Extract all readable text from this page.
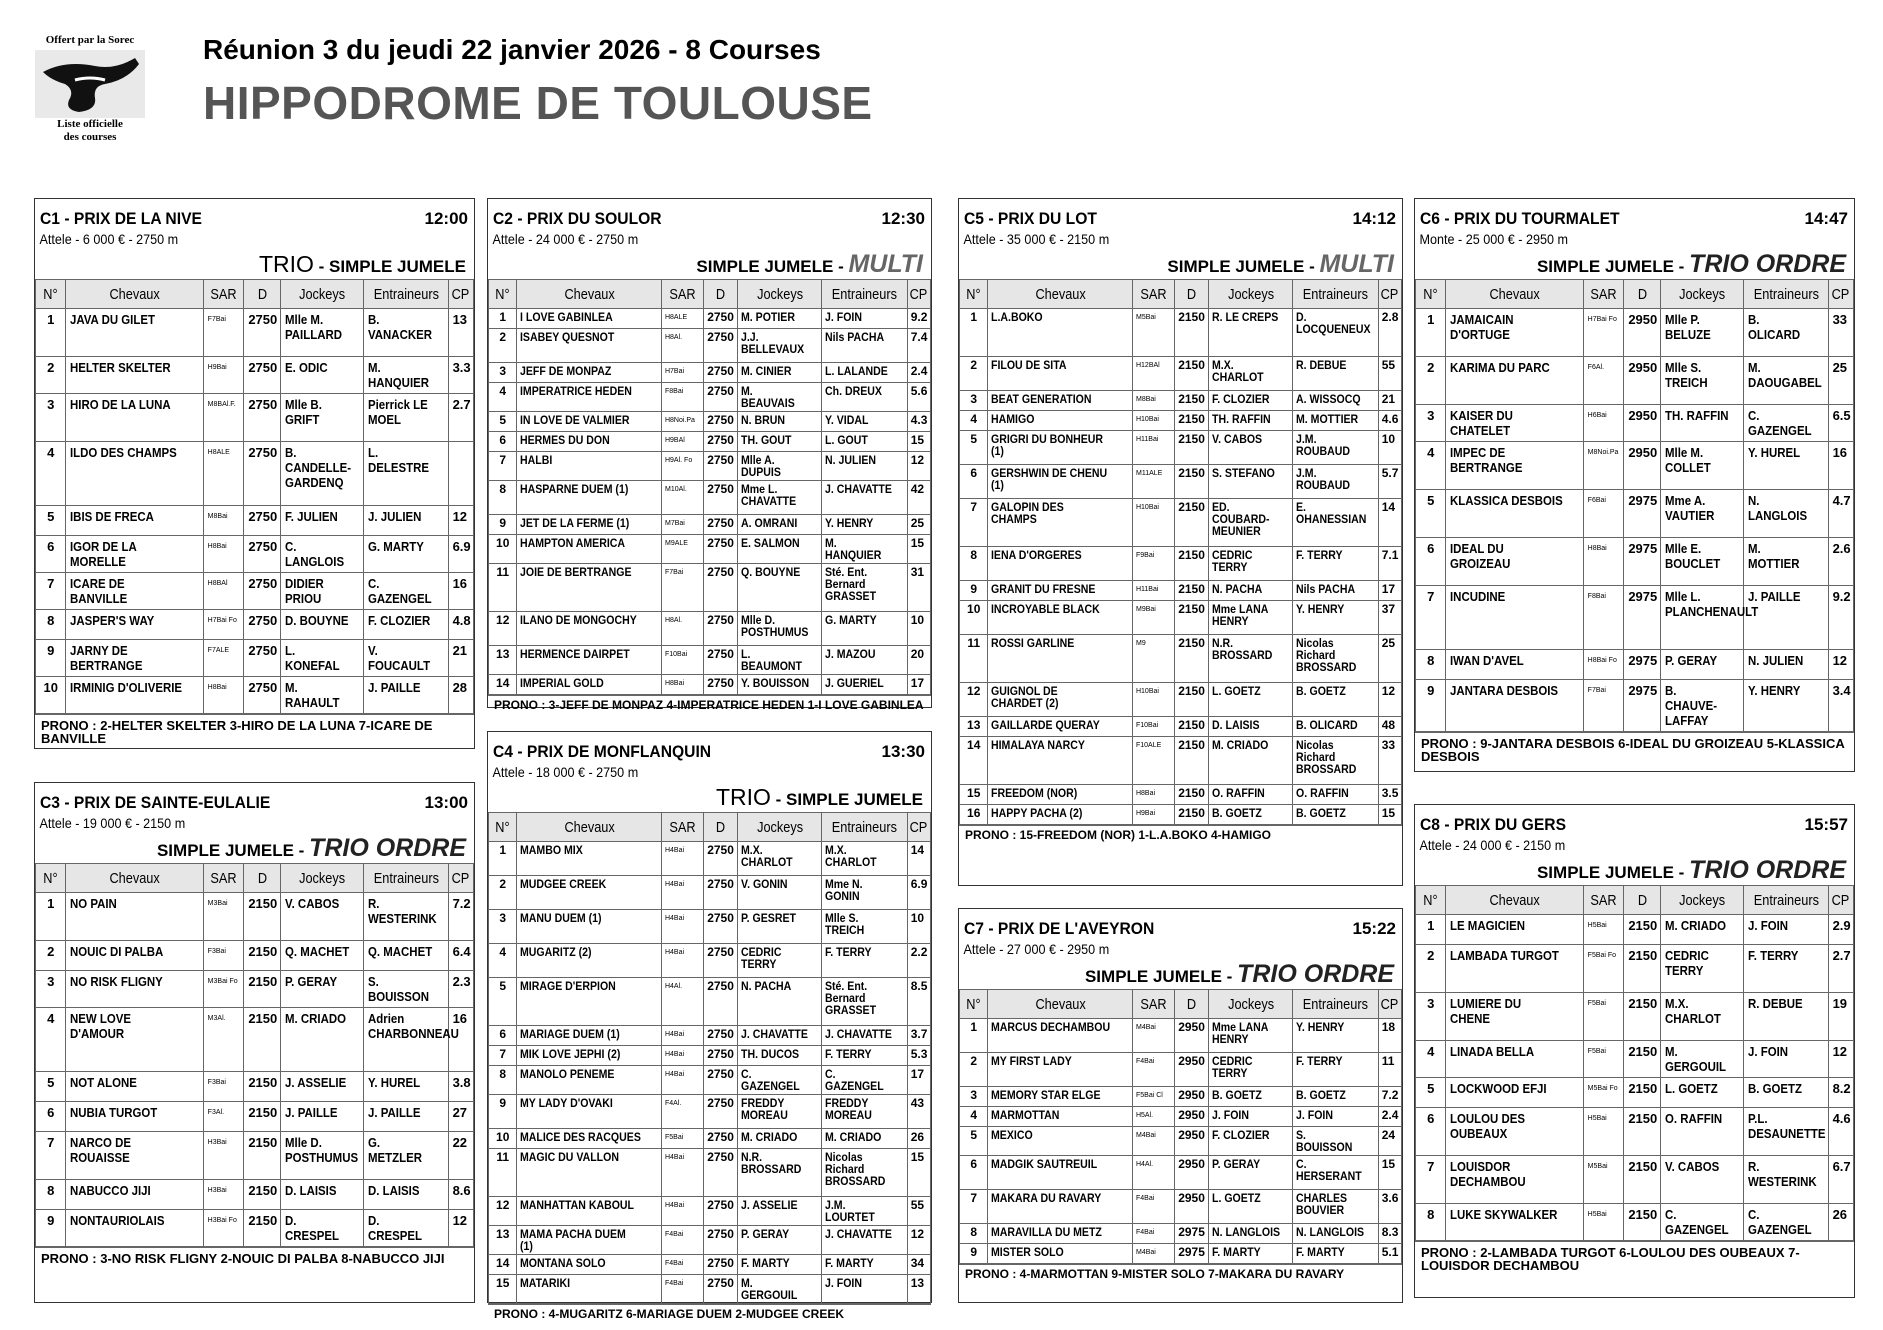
Offert par la Sorec
Liste officielle
des courses
Réunion 3 du jeudi 22 janvier 2026 - 8 Courses
HIPPODROME DE TOULOUSE
C1 - PRIX DE LA NIVE	12:00
Attele - 6 000 € - 2750 m
TRIO - SIMPLE JUMELE
N°	Chevaux	SAR	D	Jockeys	Entraineurs	CP
1	JAVA DU GILET	F7Bai	2750	Mlle M. PAILLARD	B. VANACKER	13
2	HELTER SKELTER	H9Bai	2750	E. ODIC	M. HANQUIER	3.3
3	HIRO DE LA LUNA	M8BAl.F.	2750	Mlle B. GRIFT	Pierrick LE MOEL	2.7
4	ILDO DES CHAMPS	H8ALE	2750	B. CANDELLE-GARDENQ	L. DELESTRE	
5	IBIS DE FRECA	M8Bai	2750	F. JULIEN	J. JULIEN	12
6	IGOR DE LA MORELLE	H8Bai	2750	C. LANGLOIS	G. MARTY	6.9
7	ICARE DE BANVILLE	H8BAl	2750	DIDIER PRIOU	C. GAZENGEL	16
8	JASPER'S WAY	H7Bai Fo	2750	D. BOUYNE	F. CLOZIER	4.8
9	JARNY DE BERTRANGE	F7ALE	2750	L. KONEFAL	V. FOUCAULT	21
10	IRMINIG D'OLIVERIE	H8Bai	2750	M. RAHAULT	J. PAILLE	28
PRONO : 2-HELTER SKELTER 3-HIRO DE LA LUNA 7-ICARE DE BANVILLE
C3 - PRIX DE SAINTE-EULALIE	13:00
Attele - 19 000 € - 2150 m
SIMPLE JUMELE - TRIO ORDRE
N°	Chevaux	SAR	D	Jockeys	Entraineurs	CP
1	NO PAIN	M3Bai	2150	V. CABOS	R. WESTERINK	7.2
2	NOUIC DI PALBA	F3Bai	2150	Q. MACHET	Q. MACHET	6.4
3	NO RISK FLIGNY	M3Bai Fo	2150	P. GERAY	S. BOUISSON	2.3
4	NEW LOVE D'AMOUR	M3Al.	2150	M. CRIADO	Adrien CHARBONNEAU	16
5	NOT ALONE	F3Bai	2150	J. ASSELIE	Y. HUREL	3.8
6	NUBIA TURGOT	F3Al.	2150	J. PAILLE	J. PAILLE	27
7	NARCO DE ROUAISSE	H3Bai	2150	Mlle D. POSTHUMUS	G. METZLER	22
8	NABUCCO JIJI	H3Bai	2150	D. LAISIS	D. LAISIS	8.6
9	NONTAURIOLAIS	H3Bai Fo	2150	D. CRESPEL	D. CRESPEL	12
PRONO : 3-NO RISK FLIGNY 2-NOUIC DI PALBA 8-NABUCCO JIJI
C2 - PRIX DU SOULOR	12:30
Attele - 24 000 € - 2750 m
SIMPLE JUMELE - MULTI
N°	Chevaux	SAR	D	Jockeys	Entraineurs	CP
1	I LOVE GABINLEA	H8ALE	2750	M. POTIER	J. FOIN	9.2
2	ISABEY QUESNOT	H8Al.	2750	J.J. BELLEVAUX	Nils PACHA	7.4
3	JEFF DE MONPAZ	H7Bai	2750	M. CINIER	L. LALANDE	2.4
4	IMPERATRICE HEDEN	F8Bai	2750	M. BEAUVAIS	Ch. DREUX	5.6
5	IN LOVE DE VALMIER	H8Noi.Pa	2750	N. BRUN	Y. VIDAL	4.3
6	HERMES DU DON	H9BAl	2750	TH. GOUT	L. GOUT	15
7	HALBI	H9Al. Fo	2750	Mlle A. DUPUIS	N. JULIEN	12
8	HASPARNE DUEM (1)	M10Al.	2750	Mme L. CHAVATTE	J. CHAVATTE	42
9	JET DE LA FERME (1)	M7Bai	2750	A. OMRANI	Y. HENRY	25
10	HAMPTON AMERICA	M9ALE	2750	E. SALMON	M. HANQUIER	15
11	JOIE DE BERTRANGE	F7Bai	2750	Q. BOUYNE	Sté. Ent. Bernard GRASSET	31
12	ILANO DE MONGOCHY	H8Al.	2750	Mlle D. POSTHUMUS	G. MARTY	10
13	HERMENCE DAIRPET	F10Bai	2750	L. BEAUMONT	J. MAZOU	20
14	IMPERIAL GOLD	H8Bai	2750	Y. BOUISSON	J. GUERIEL	17
PRONO : 3-JEFF DE MONPAZ 4-IMPERATRICE HEDEN 1-I LOVE GABINLEA
C4 - PRIX DE MONFLANQUIN	13:30
Attele - 18 000 € - 2750 m
TRIO - SIMPLE JUMELE
N°	Chevaux	SAR	D	Jockeys	Entraineurs	CP
1	MAMBO MIX	H4Bai	2750	M.X. CHARLOT	M.X. CHARLOT	14
2	MUDGEE CREEK	H4Bai	2750	V. GONIN	Mme N. GONIN	6.9
3	MANU DUEM (1)	H4Bai	2750	P. GESRET	Mlle S. TREICH	10
4	MUGARITZ (2)	H4Bai	2750	CEDRIC TERRY	F. TERRY	2.2
5	MIRAGE D'ERPION	H4Al.	2750	N. PACHA	Sté. Ent. Bernard GRASSET	8.5
6	MARIAGE DUEM (1)	H4Bai	2750	J. CHAVATTE	J. CHAVATTE	3.7
7	MIK LOVE JEPHI (2)	H4Bai	2750	TH. DUCOS	F. TERRY	5.3
8	MANOLO PENEME	H4Bai	2750	C. GAZENGEL	C. GAZENGEL	17
9	MY LADY D'OVAKI	F4Al.	2750	FREDDY MOREAU	FREDDY MOREAU	43
10	MALICE DES RACQUES	F5Bai	2750	M. CRIADO	M. CRIADO	26
11	MAGIC DU VALLON	H4Bai	2750	N.R. BROSSARD	Nicolas Richard BROSSARD	15
12	MANHATTAN KABOUL	H4Bai	2750	J. ASSELIE	J.M. LOURTET	55
13	MAMA PACHA DUEM (1)	F4Bai	2750	P. GERAY	J. CHAVATTE	12
14	MONTANA SOLO	F4Bai	2750	F. MARTY	F. MARTY	34
15	MATARIKI	F4Bai	2750	M. GERGOUIL	J. FOIN	13
PRONO : 4-MUGARITZ 6-MARIAGE DUEM 2-MUDGEE CREEK
C5 - PRIX DU LOT	14:12
Attele - 35 000 € - 2150 m
SIMPLE JUMELE - MULTI
N°	Chevaux	SAR	D	Jockeys	Entraineurs	CP
1	L.A.BOKO	M5Bai	2150	R. LE CREPS	D. LOCQUENEUX	2.8
2	FILOU DE SITA	H12BAl	2150	M.X. CHARLOT	R. DEBUE	55
3	BEAT GENERATION	M8Bai	2150	F. CLOZIER	A. WISSOCQ	21
4	HAMIGO	H10Bai	2150	TH. RAFFIN	M. MOTTIER	4.6
5	GRIGRI DU BONHEUR (1)	H11Bai	2150	V. CABOS	J.M. ROUBAUD	10
6	GERSHWIN DE CHENU (1)	M11ALE	2150	S. STEFANO	J.M. ROUBAUD	5.7
7	GALOPIN DES CHAMPS	H10Bai	2150	ED. COUBARD-MEUNIER	E. OHANESSIAN	14
8	IENA D'ORGERES	F9Bai	2150	CEDRIC TERRY	F. TERRY	7.1
9	GRANIT DU FRESNE	H11Bai	2150	N. PACHA	Nils PACHA	17
10	INCROYABLE BLACK	M9Bai	2150	Mme LANA HENRY	Y. HENRY	37
11	ROSSI GARLINE	M9	2150	N.R. BROSSARD	Nicolas Richard BROSSARD	25
12	GUIGNOL DE CHARDET (2)	H10Bai	2150	L. GOETZ	B. GOETZ	12
13	GAILLARDE QUERAY	F10Bai	2150	D. LAISIS	B. OLICARD	48
14	HIMALAYA NARCY	F10ALE	2150	M. CRIADO	Nicolas Richard BROSSARD	33
15	FREEDOM (NOR)	H8Bai	2150	O. RAFFIN	O. RAFFIN	3.5
16	HAPPY PACHA (2)	H9Bai	2150	B. GOETZ	B. GOETZ	15
PRONO : 15-FREEDOM (NOR) 1-L.A.BOKO 4-HAMIGO
C7 - PRIX DE L'AVEYRON	15:22
Attele - 27 000 € - 2950 m
SIMPLE JUMELE - TRIO ORDRE
N°	Chevaux	SAR	D	Jockeys	Entraineurs	CP
1	MARCUS DECHAMBOU	M4Bai	2950	Mme LANA HENRY	Y. HENRY	18
2	MY FIRST LADY	F4Bai	2950	CEDRIC TERRY	F. TERRY	11
3	MEMORY STAR ELGE	F5Bai Cl	2950	B. GOETZ	B. GOETZ	7.2
4	MARMOTTAN	H5Al.	2950	J. FOIN	J. FOIN	2.4
5	MEXICO	M4Bai	2950	F. CLOZIER	S. BOUISSON	24
6	MADGIK SAUTREUIL	H4Al.	2950	P. GERAY	C. HERSERANT	15
7	MAKARA DU RAVARY	F4Bai	2950	L. GOETZ	CHARLES BOUVIER	3.6
8	MARAVILLA DU METZ	F4Bai	2975	N. LANGLOIS	N. LANGLOIS	8.3
9	MISTER SOLO	M4Bai	2975	F. MARTY	F. MARTY	5.1
PRONO : 4-MARMOTTAN 9-MISTER SOLO 7-MAKARA DU RAVARY
C6 - PRIX DU TOURMALET	14:47
Monte - 25 000 € - 2950 m
SIMPLE JUMELE - TRIO ORDRE
N°	Chevaux	SAR	D	Jockeys	Entraineurs	CP
1	JAMAICAIN D'ORTUGE	H7Bai Fo	2950	Mlle P. BELUZE	B. OLICARD	33
2	KARIMA DU PARC	F6Al.	2950	Mlle S. TREICH	M. DAOUGABEL	25
3	KAISER DU CHATELET	H6Bai	2950	TH. RAFFIN	C. GAZENGEL	6.5
4	IMPEC DE BERTRANGE	M8Noi.Pa	2950	Mlle M. COLLET	Y. HUREL	16
5	KLASSICA DESBOIS	F6Bai	2975	Mme A. VAUTIER	N. LANGLOIS	4.7
6	IDEAL DU GROIZEAU	H8Bai	2975	Mlle E. BOUCLET	M. MOTTIER	2.6
7	INCUDINE	F8Bai	2975	Mlle L. PLANCHENAULT	J. PAILLE	9.2
8	IWAN D'AVEL	H8Bai Fo	2975	P. GERAY	N. JULIEN	12
9	JANTARA DESBOIS	F7Bai	2975	B. CHAUVE-LAFFAY	Y. HENRY	3.4
PRONO : 9-JANTARA DESBOIS 6-IDEAL DU GROIZEAU 5-KLASSICA DESBOIS
C8 - PRIX DU GERS	15:57
Attele - 24 000 € - 2150 m
SIMPLE JUMELE - TRIO ORDRE
N°	Chevaux	SAR	D	Jockeys	Entraineurs	CP
1	LE MAGICIEN	H5Bai	2150	M. CRIADO	J. FOIN	2.9
2	LAMBADA TURGOT	F5Bai Fo	2150	CEDRIC TERRY	F. TERRY	2.7
3	LUMIERE DU CHENE	F5Bai	2150	M.X. CHARLOT	R. DEBUE	19
4	LINADA BELLA	F5Bai	2150	M. GERGOUIL	J. FOIN	12
5	LOCKWOOD EFJI	M5Bai Fo	2150	L. GOETZ	B. GOETZ	8.2
6	LOULOU DES OUBEAUX	H5Bai	2150	O. RAFFIN	P.L. DESAUNETTE	4.6
7	LOUISDOR DECHAMBOU	M5Bai	2150	V. CABOS	R. WESTERINK	6.7
8	LUKE SKYWALKER	H5Bai	2150	C. GAZENGEL	C. GAZENGEL	26
PRONO : 2-LAMBADA TURGOT 6-LOULOU DES OUBEAUX 7-LOUISDOR DECHAMBOU
